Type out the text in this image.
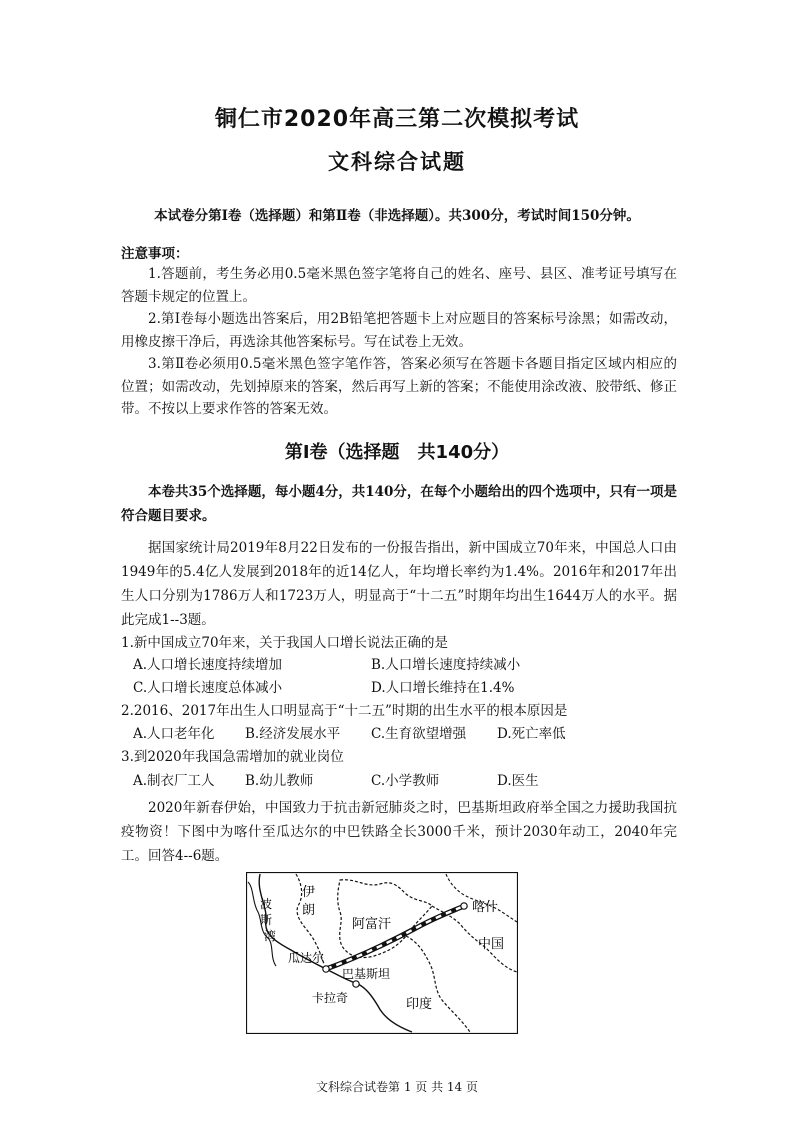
铜仁市2020年高三第二次模拟考试
文科综合试题
本试卷分第Ⅰ卷（选择题）和第Ⅱ卷（非选择题）。共300分，考试时间150分钟。
注意事项：
1.答题前，考生务必用0.5毫米黑色签字笔将自己的姓名、座号、县区、准考证号填写在答题卡规定的位置上。
2.第Ⅰ卷每小题选出答案后，用2B铅笔把答题卡上对应题目的答案标号涂黑；如需改动，用橡皮擦干净后，再选涂其他答案标号。写在试卷上无效。
3.第Ⅱ卷必须用0.5毫米黑色签字笔作答，答案必须写在答题卡各题目指定区域内相应的位置；如需改动，先划掉原来的答案，然后再写上新的答案；不能使用涂改液、胶带纸、修正带。不按以上要求作答的答案无效。
第Ⅰ卷（选择题　共140分）
本卷共35个选择题，每小题4分，共140分，在每个小题给出的四个选项中，只有一项是符合题目要求。
据国家统计局2019年8月22日发布的一份报告指出，新中国成立70年来，中国总人口由1949年的5.4亿人发展到2018年的近14亿人，年均增长率约为1.4%。2016年和2017年出生人口分别为1786万人和1723万人，明显高于“十二五”时期年均出生1644万人的水平。据此完成1--3题。
1.新中国成立70年来，关于我国人口增长说法正确的是
A.人口增长速度持续增加	B.人口增长速度持续减小
C.人口增长速度总体减小	D.人口增长维持在1.4%
2.2016、2017年出生人口明显高于“十二五”时期的出生水平的根本原因是
A.人口老年化 B.经济发展水平 C.生育欲望增强 D.死亡率低
3.到2020年我国急需增加的就业岗位
A.制衣厂工人 B.幼儿教师	C.小学教师	D.医生
2020年新春伊始，中国致力于抗击新冠肺炎之时，巴基斯坦政府举全国之力援助我国抗疫物资！下图中为喀什至瓜达尔的中巴铁路全长3000千米，预计2030年动工，2040年完工。回答4--6题。
伊
朗
波
斯
湾
阿富汗
喀什
中国
瓜达尔
巴基斯坦
卡拉奇	印度
文科综合试卷第 1 页 共 14 页
